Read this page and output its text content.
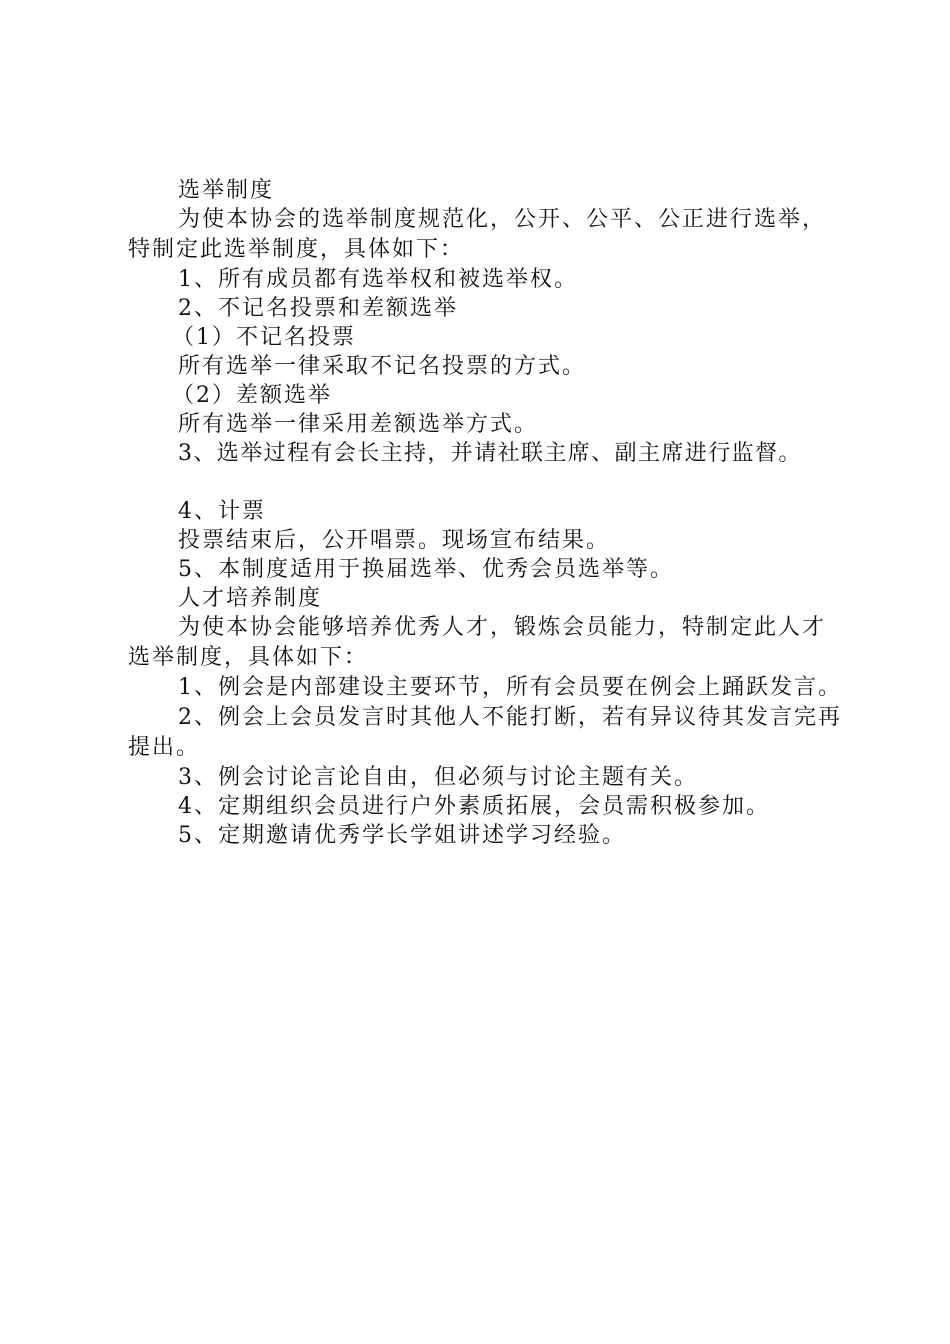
选举制度

为使本协会的选举制度规范化，公开、公平、公正进行选举，特制定此选举制度，具体如下：

1、所有成员都有选举权和被选举权。

2、不记名投票和差额选举

（1）不记名投票

所有选举一律采取不记名投票的方式。

（2）差额选举

所有选举一律采用差额选举方式。

3、选举过程有会长主持，并请社联主席、副主席进行监督。

4、计票

投票结束后，公开唱票。现场宣布结果。

5、本制度适用于换届选举、优秀会员选举等。

人才培养制度

为使本协会能够培养优秀人才，锻炼会员能力，特制定此人才选举制度，具体如下：

1、例会是内部建设主要环节，所有会员要在例会上踊跃发言。

2、例会上会员发言时其他人不能打断，若有异议待其发言完再提出。

3、例会讨论言论自由，但必须与讨论主题有关。

4、定期组织会员进行户外素质拓展，会员需积极参加。

5、定期邀请优秀学长学姐讲述学习经验。
